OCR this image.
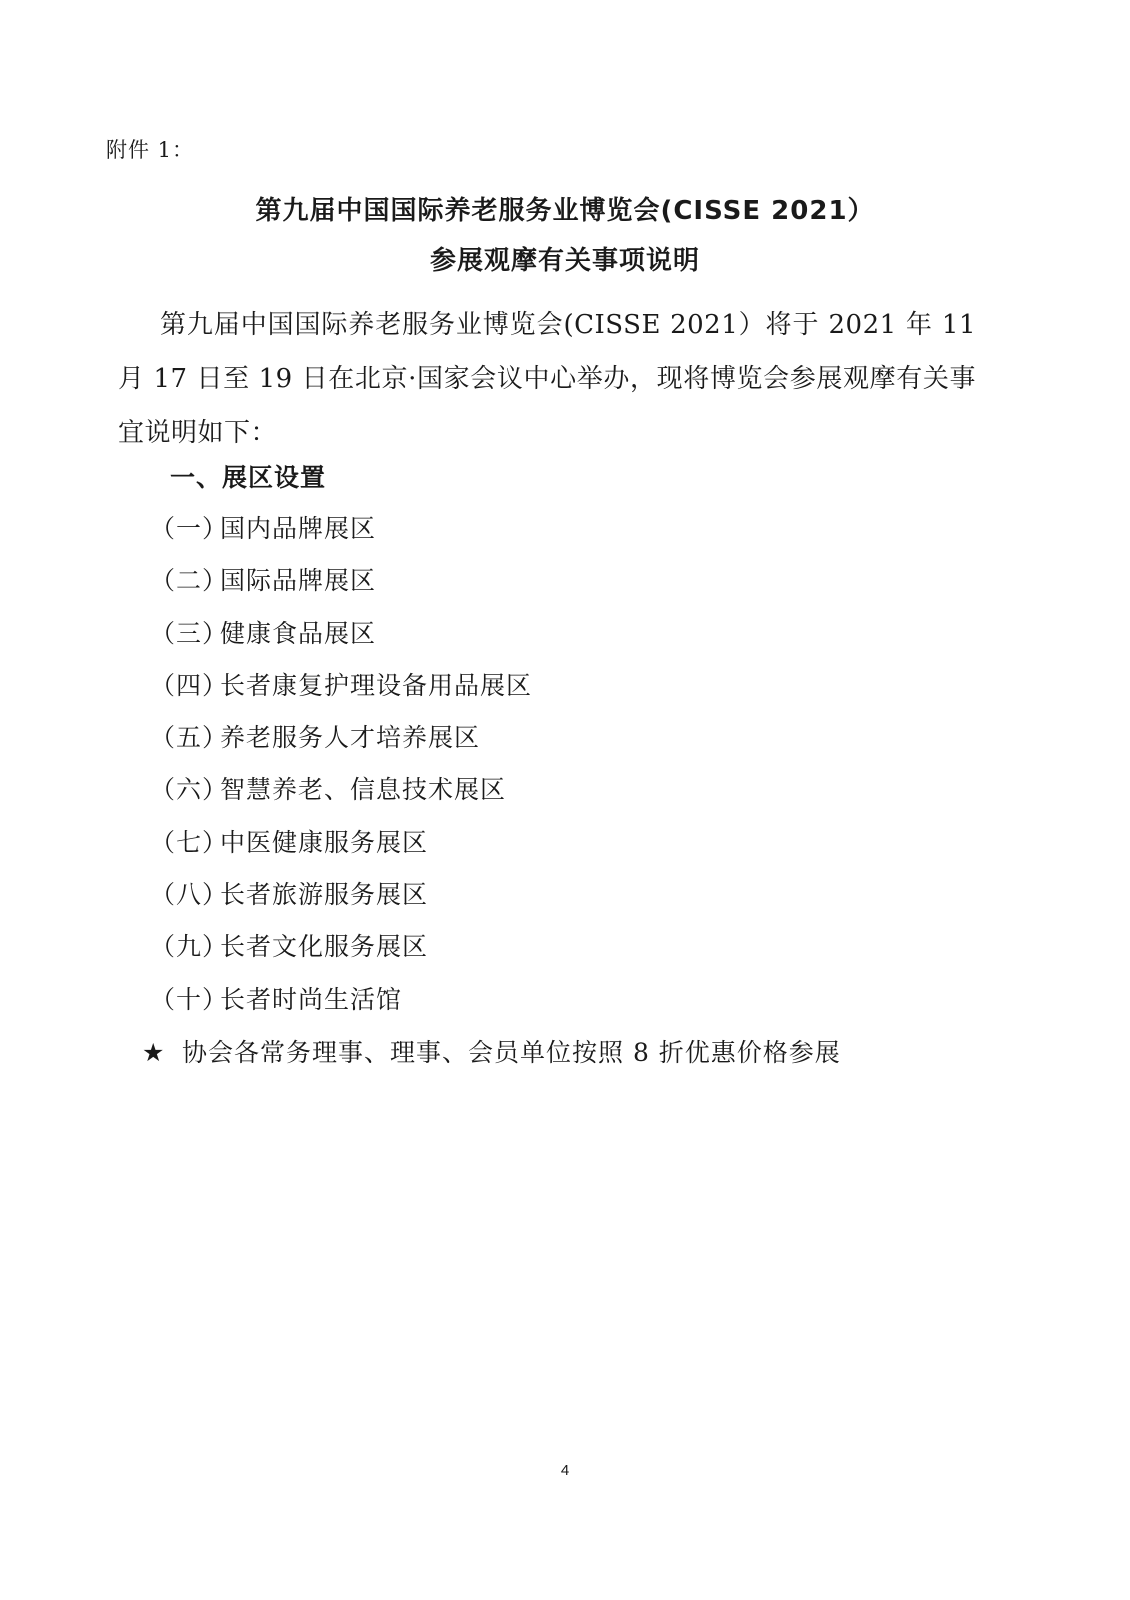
附件 1：
第九届中国国际养老服务业博览会(CISSE 2021）
参展观摩有关事项说明

第九届中国国际养老服务业博览会(CISSE 2021）将于 2021 年 11 月 17 日至 19 日在北京·国家会议中心举办，现将博览会参展观摩有关事宜说明如下：

一、展区设置
（一）国内品牌展区
（二）国际品牌展区
（三）健康食品展区
（四）长者康复护理设备用品展区
（五）养老服务人才培养展区
（六）智慧养老、信息技术展区
（七）中医健康服务展区
（八）长者旅游服务展区
（九）长者文化服务展区
（十）长者时尚生活馆
★ 协会各常务理事、理事、会员单位按照 8 折优惠价格参展
4
